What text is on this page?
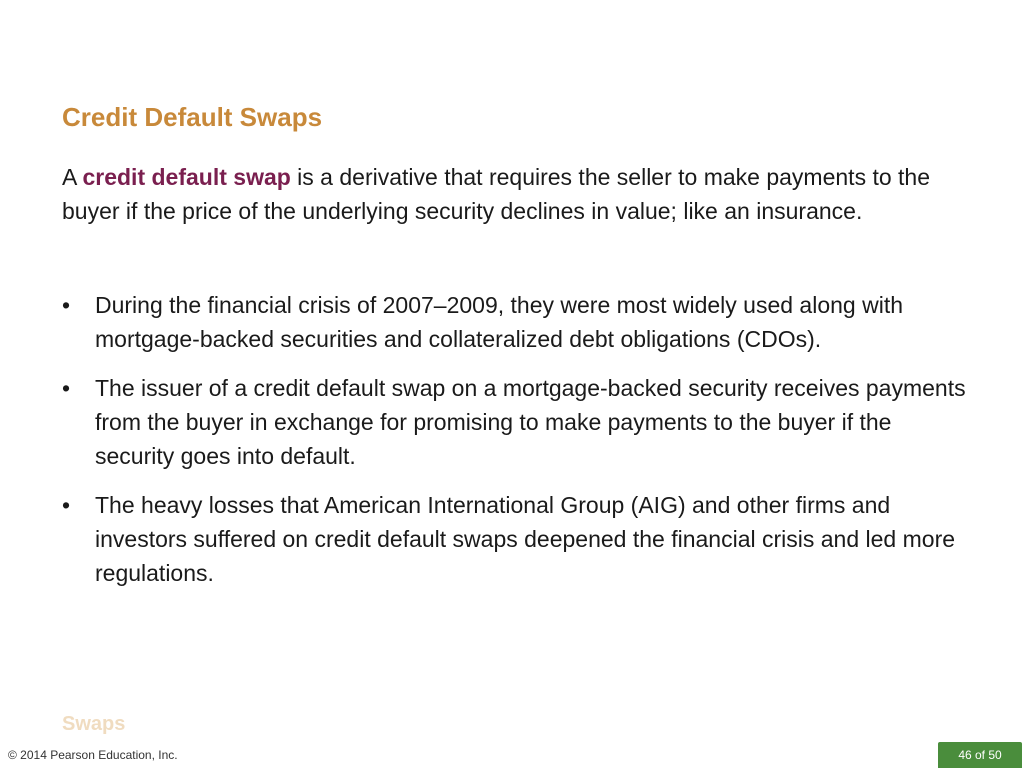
Credit Default Swaps

A credit default swap is a derivative that requires the seller to make payments to the buyer if the price of the underlying security declines in value; like an insurance.

• During the financial crisis of 2007–2009, they were most widely used along with mortgage-backed securities and collateralized debt obligations (CDOs).
• The issuer of a credit default swap on a mortgage-backed security receives payments from the buyer in exchange for promising to make payments to the buyer if the security goes into default.
• The heavy losses that American International Group (AIG) and other firms and investors suffered on credit default swaps deepened the financial crisis and led more regulations.

Swaps

© 2014 Pearson Education, Inc.	46 of 50
